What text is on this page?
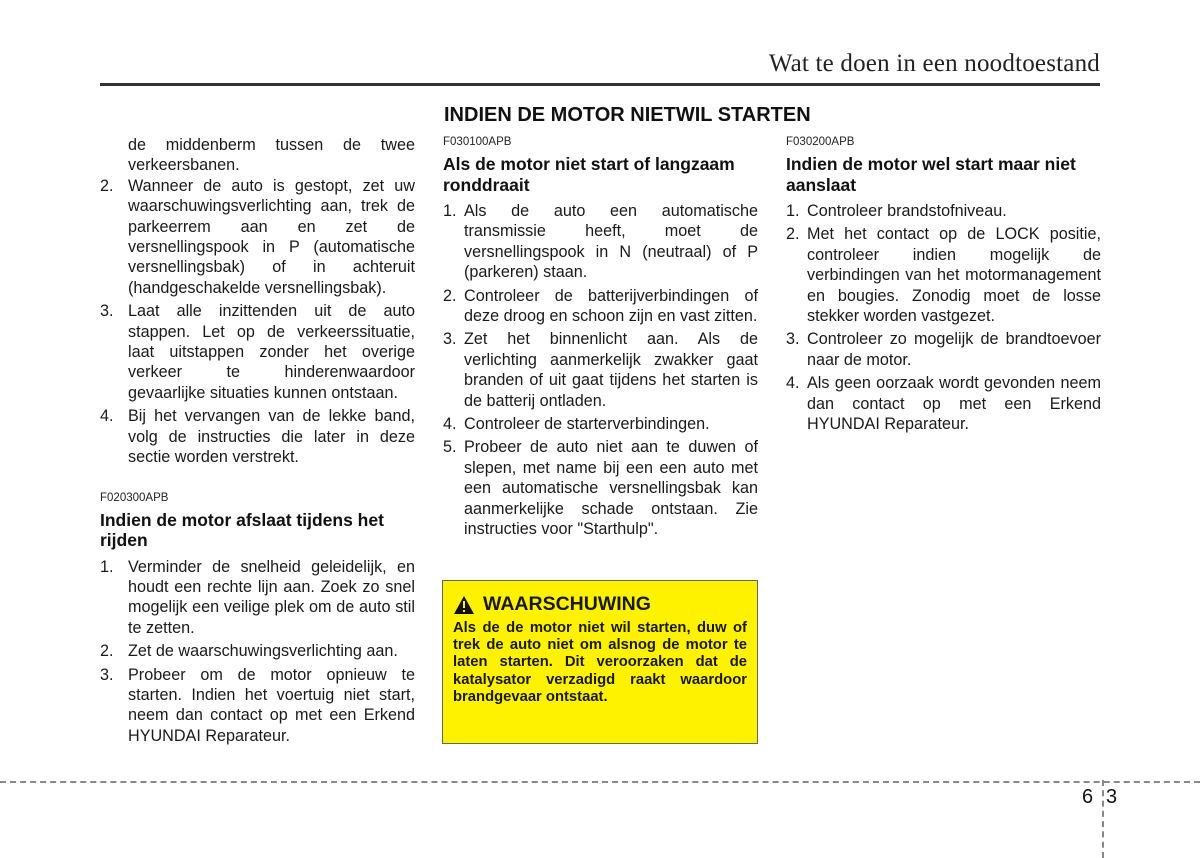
Wat te doen in een noodtoestand
INDIEN DE MOTOR NIETWIL STARTEN

de middenberm tussen de twee verkeersbanen.

2. Wanneer de auto is gestopt, zet uw waarschuwingsverlichting aan, trek de parkeerrem aan en zet de versnellingspook in P (automatische versnellingsbak) of in achteruit (handgeschakelde versnellingsbak).
3. Laat alle inzittenden uit de auto stappen. Let op de verkeerssituatie, laat uitstappen zonder het overige verkeer te hinderenwaardoor gevaarlijke situaties kunnen ontstaan.
4. Bij het vervangen van de lekke band, volg de instructies die later in deze sectie worden verstrekt.

F020300APB

Indien de motor afslaat tijdens het rijden

1. Verminder de snelheid geleidelijk, en houdt een rechte lijn aan. Zoek zo snel mogelijk een veilige plek om de auto stil te zetten.
2. Zet de waarschuwingsverlichting aan.
3. Probeer om de motor opnieuw te starten. Indien het voertuig niet start, neem dan contact op met een Erkend HYUNDAI Reparateur.

F030100APB

Als de motor niet start of langzaam ronddraait

1. Als de auto een automatische transmissie heeft, moet de versnellingspook in N (neutraal) of P (parkeren) staan.
2. Controleer de batterijverbindingen of deze droog en schoon zijn en vast zitten.
3. Zet het binnenlicht aan. Als de verlichting aanmerkelijk zwakker gaat branden of uit gaat tijdens het starten is de batterij ontladen.
4. Controleer de starterverbindingen.
5. Probeer de auto niet aan te duwen of slepen, met name bij een een auto met een automatische versnellingsbak kan aanmerkelijke schade ontstaan. Zie instructies voor "Starthulp".
WAARSCHUWING

Als de de motor niet wil starten, duw of trek de auto niet om alsnog de motor te laten starten. Dit veroorzaken dat de katalysator verzadigd raakt waardoor brandgevaar ontstaat.

F030200APB

Indien de motor wel start maar niet aanslaat

1. Controleer brandstofniveau.
2. Met het contact op de LOCK positie, controleer indien mogelijk de verbindingen van het motormanagement en bougies. Zonodig moet de losse stekker worden vastgezet.
3. Controleer zo mogelijk de brandtoevoer naar de motor.
4. Als geen oorzaak wordt gevonden neem dan contact op met een Erkend HYUNDAI Reparateur.
6 3
